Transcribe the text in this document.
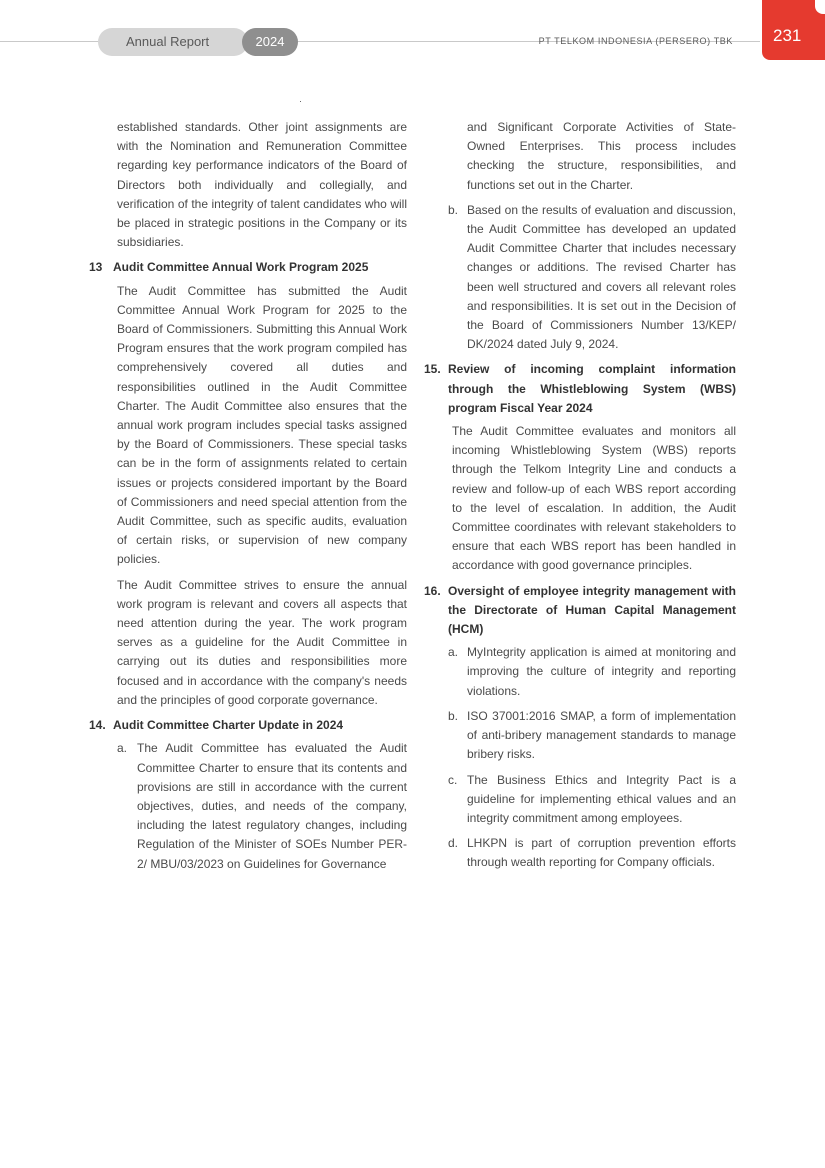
Annual Report	2024	PT TELKOM INDONESIA (PERSERO) TBK	231

established standards. Other joint assignments are with the Nomination and Remuneration Committee regarding key performance indicators of the Board of Directors both individually and collegially, and verification of the integrity of talent candidates who will be placed in strategic positions in the Company or its subsidiaries.

13 Audit Committee Annual Work Program 2025

The Audit Committee has submitted the Audit Committee Annual Work Program for 2025 to the Board of Commissioners. Submitting this Annual Work Program ensures that the work program compiled has comprehensively covered all duties and responsibilities outlined in the Audit Committee Charter. The Audit Committee also ensures that the annual work program includes special tasks assigned by the Board of Commissioners. These special tasks can be in the form of assignments related to certain issues or projects considered important by the Board of Commissioners and need special attention from the Audit Committee, such as specific audits, evaluation of certain risks, or supervision of new company policies.

The Audit Committee strives to ensure the annual work program is relevant and covers all aspects that need attention during the year. The work program serves as a guideline for the Audit Committee in carrying out its duties and responsibilities more focused and in accordance with the company's needs and the principles of good corporate governance.

14. Audit Committee Charter Update in 2024
a. The Audit Committee has evaluated the Audit Committee Charter to ensure that its contents and provisions are still in accordance with the current objectives, duties, and needs of the company, including the latest regulatory changes, including Regulation of the Minister of SOEs Number PER-2/ MBU/03/2023 on Guidelines for Governance

and Significant Corporate Activities of State-Owned Enterprises. This process includes checking the structure, responsibilities, and functions set out in the Charter.

b. Based on the results of evaluation and discussion, the Audit Committee has developed an updated Audit Committee Charter that includes necessary changes or additions. The revised Charter has been well structured and covers all relevant roles and responsibilities. It is set out in the Decision of the Board of Commissioners Number 13/KEP/ DK/2024 dated July 9, 2024.
15. Review of incoming complaint information through the Whistleblowing System (WBS) program Fiscal Year 2024

The Audit Committee evaluates and monitors all incoming Whistleblowing System (WBS) reports through the Telkom Integrity Line and conducts a review and follow-up of each WBS report according to the level of escalation. In addition, the Audit Committee coordinates with relevant stakeholders to ensure that each WBS report has been handled in accordance with good governance principles.

16. Oversight of employee integrity management with the Directorate of Human Capital Management (HCM)
a. MyIntegrity application is aimed at monitoring and improving the culture of integrity and reporting violations.
b. ISO 37001:2016 SMAP, a form of implementation of anti-bribery management standards to manage bribery risks.
c. The Business Ethics and Integrity Pact is a guideline for implementing ethical values and an integrity commitment among employees.
d. LHKPN is part of corruption prevention efforts through wealth reporting for Company officials.
